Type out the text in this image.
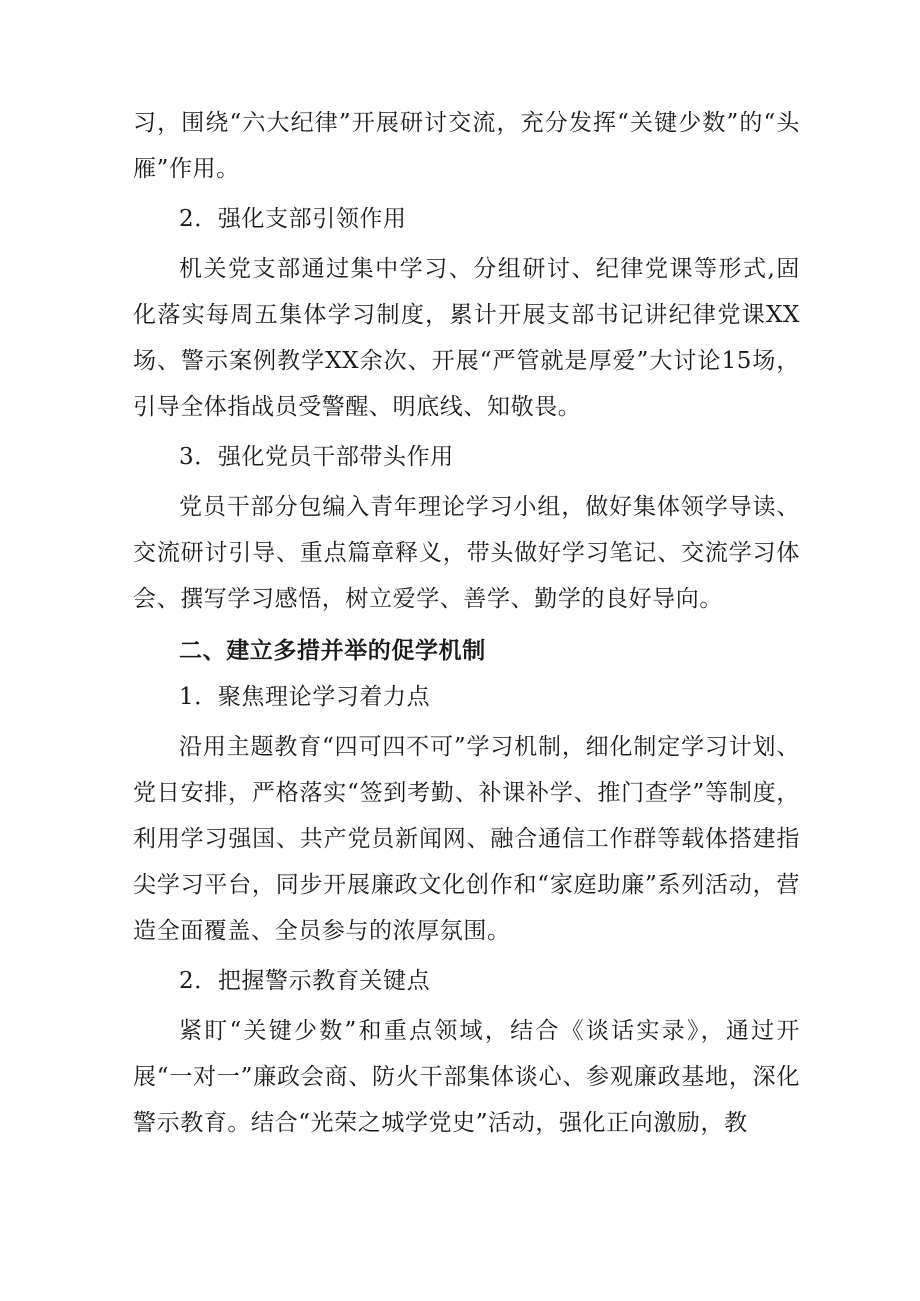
习，围绕“六大纪律”开展研讨交流，充分发挥“关键少数”的“头雁”作用。

2．强化支部引领作用

机关党支部通过集中学习、分组研讨、纪律党课等形式,固化落实每周五集体学习制度，累计开展支部书记讲纪律党课XX场、警示案例教学XX余次、开展“严管就是厚爱”大讨论15场，引导全体指战员受警醒、明底线、知敬畏。

3．强化党员干部带头作用

党员干部分包编入青年理论学习小组，做好集体领学导读、交流研讨引导、重点篇章释义，带头做好学习笔记、交流学习体会、撰写学习感悟，树立爱学、善学、勤学的良好导向。

二、建立多措并举的促学机制

1．聚焦理论学习着力点

沿用主题教育“四可四不可”学习机制，细化制定学习计划、党日安排，严格落实“签到考勤、补课补学、推门查学”等制度，利用学习强国、共产党员新闻网、融合通信工作群等载体搭建指尖学习平台，同步开展廉政文化创作和“家庭助廉”系列活动，营造全面覆盖、全员参与的浓厚氛围。

2．把握警示教育关键点

紧盯“关键少数”和重点领域，结合《谈话实录》，通过开展“一对一”廉政会商、防火干部集体谈心、参观廉政基地，深化警示教育。结合“光荣之城学党史”活动，强化正向激励，教
